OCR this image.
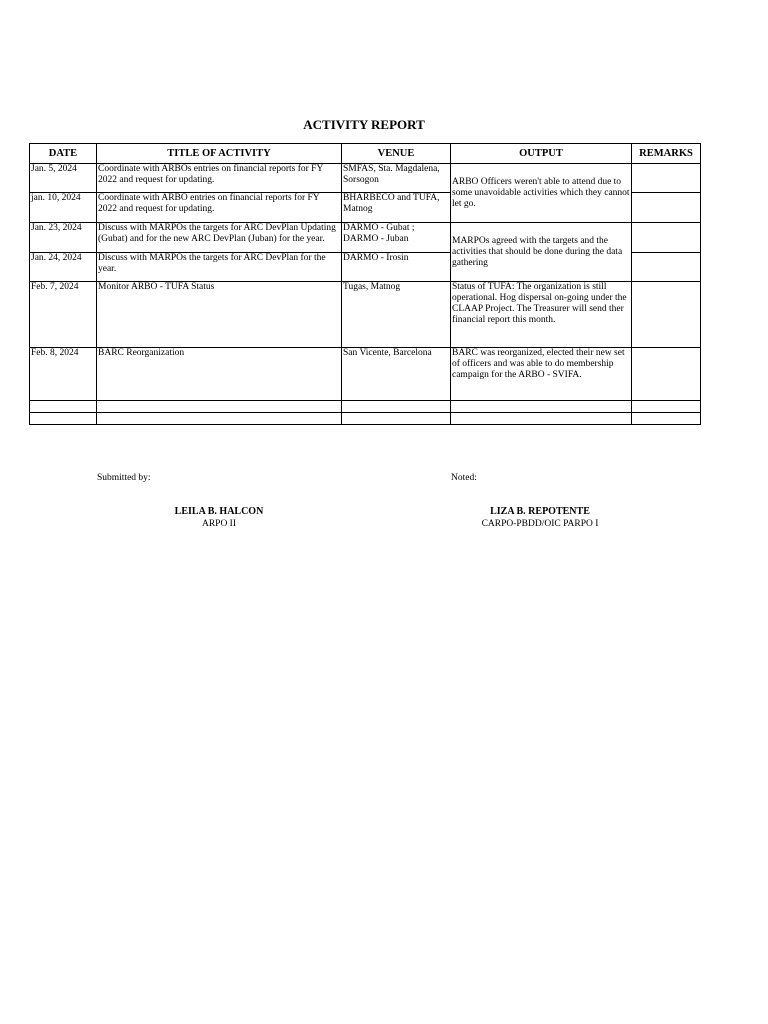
ACTIVITY REPORT
DATE	TITLE OF ACTIVITY	VENUE	OUTPUT	REMARKS
Jan. 5, 2024	Coordinate with ARBOs entries on financial reports for FY 2022 and request for updating.	SMFAS, Sta. Magdalena, Sorsogon	ARBO Officers weren't able to attend due to some unavoidable activities which they cannot let go.	
jan. 10, 2024	Coordinate with ARBO entries on financial reports for FY 2022 and request for updating.	BHARBECO and TUFA, Matnog		
Jan. 23, 2024	Discuss with MARPOs the targets for ARC DevPlan Updating (Gubat) and for the new ARC DevPlan (Juban) for the year.	DARMO - Gubat ; DARMO - Juban	MARPOs agreed with the targets and the activities that should be done during the data gathering	
Jan. 24, 2024	Discuss with MARPOs the targets for ARC DevPlan for the year.	DARMO - Irosin		
Feb. 7, 2024	Monitor ARBO - TUFA Status	Tugas, Matnog	Status of TUFA: The organization is still operational. Hog dispersal on-going under the CLAAP Project. The Treasurer will send ther financial report this month.	
Feb. 8, 2024	BARC Reorganization	San Vicente, Barcelona	BARC was reorganized, elected their new set of officers and was able to do membership campaign for the ARBO - SVIFA.	

Submitted by:	Noted:
LEILA B. HALCON
ARPO II
LIZA B. REPOTENTE
CARPO-PBDD/OIC PARPO I
